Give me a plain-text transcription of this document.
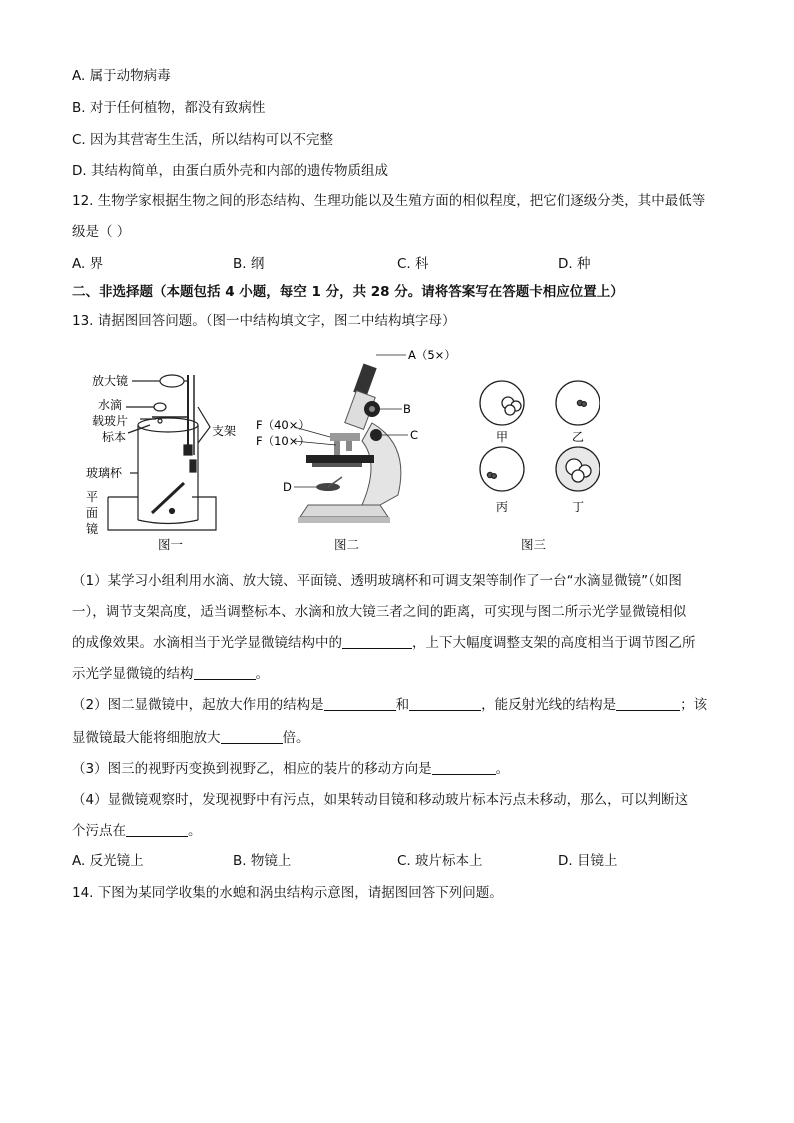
A. 属于动物病毒
B. 对于任何植物，都没有致病性
C. 因为其营寄生生活，所以结构可以不完整
D. 其结构简单，由蛋白质外壳和内部的遗传物质组成
12. 生物学家根据生物之间的形态结构、生理功能以及生殖方面的相似程度，把它们逐级分类，其中最低等
级是（ ）
A. 界	B. 纲	C. 科	D. 种
二、非选择题（本题包括 4 小题，每空 1 分，共 28 分。请将答案写在答题卡相应位置上）
13. 请据图回答问题。（图一中结构填文字，图二中结构填字母）
放大镜
水滴
载玻片
标本
玻璃杯
平
面
镜
支架
A（5×）
B
C
F（40×）
F（10×）
D
甲	乙
丙	丁
图一	图二	图三
（1）某学习小组利用水滴、放大镜、平面镜、透明玻璃杯和可调支架等制作了一台“水滴显微镜”（如图
一），调节支架高度，适当调整标本、水滴和放大镜三者之间的距离，可实现与图二所示光学显微镜相似
的成像效果。水滴相当于光学显微镜结构中的	，上下大幅度调整支架的高度相当于调节图乙所
示光学显微镜的结构	。
（2）图二显微镜中，起放大作用的结构是	和	，能反射光线的结构是	；该
显微镜最大能将细胞放大	倍。
（3）图三的视野丙变换到视野乙，相应的装片的移动方向是	。
（4）显微镜观察时，发现视野中有污点，如果转动目镜和移动玻片标本污点未移动，那么，可以判断这
个污点在	。
A. 反光镜上	B. 物镜上	C. 玻片标本上	D. 目镜上
14. 下图为某同学收集的水螅和涡虫结构示意图，请据图回答下列问题。
